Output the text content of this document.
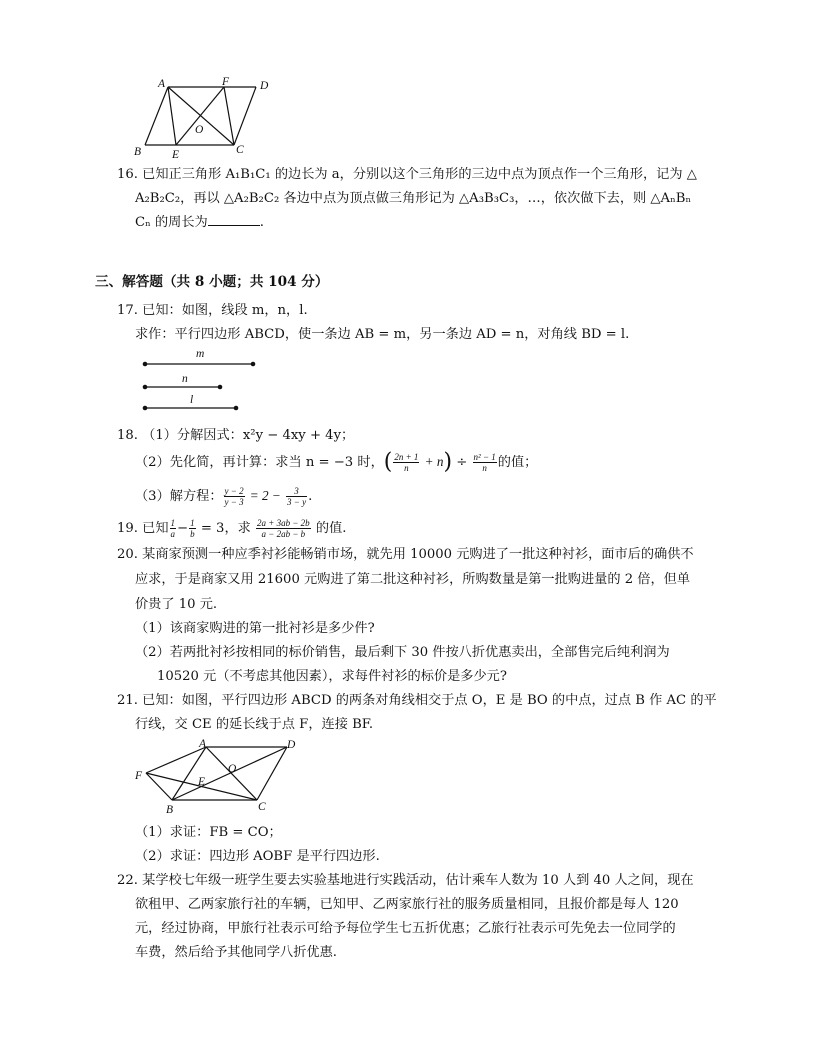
A	F	D
O
B	E	C
16. 已知正三角形 A₁B₁C₁ 的边长为 a，分别以这个三角形的三边中点为顶点作一个三角形，记为 △
A₂B₂C₂，再以 △A₂B₂C₂ 各边中点为顶点做三角形记为 △A₃B₃C₃，…，依次做下去，则 △AₙBₙ
Cₙ 的周长为	.
三、解答题（共 8 小题；共 104 分）
17. 已知：如图，线段 m，n，l.
求作：平行四边形 ABCD，使一条边 AB = m，另一条边 AD = n，对角线 BD = l.
m
n
l
18. （1）分解因式：x²y − 4xy + 4y；
（2）先化简，再计算：求当 n = −3 时，( $\frac{2n + 1}{n} + n) \div \frac{\text{n² − 1}}{n}$ 的值；
（3）解方程： $\frac{y - 2}{y - 3} = 2 - \frac{3}{3 - y}$ .
19. 已知 $\frac{1}{a} - \frac{1}{b} = 3$，求 $\frac{2a + 3ab - 2b}{a - 2ab - b}$ 的值.
20. 某商家预测一种应季衬衫能畅销市场，就先用 10000 元购进了一批这种衬衫，面市后的确供不
应求，于是商家又用 21600 元购进了第二批这种衬衫，所购数量是第一批购进量的 2 倍，但单
价贵了 10 元.
（1）该商家购进的第一批衬衫是多少件?
（2）若两批衬衫按相同的标价销售，最后剩下 30 件按八折优惠卖出，全部售完后纯利润为
10520 元（不考虑其他因素），求每件衬衫的标价是多少元?
21. 已知：如图，平行四边形 ABCD 的两条对角线相交于点 O，E 是 BO 的中点，过点 B 作 AC 的平
行线，交 CE 的延长线于点 F，连接 BF.
A	D
F
O
E
B	C
（1）求证：FB = CO；
（2）求证：四边形 AOBF 是平行四边形.
22. 某学校七年级一班学生要去实验基地进行实践活动，估计乘车人数为 10 人到 40 人之间，现在
欲租甲、乙两家旅行社的车辆，已知甲、乙两家旅行社的服务质量相同，且报价都是每人 120
元，经过协商，甲旅行社表示可给予每位学生七五折优惠；乙旅行社表示可先免去一位同学的
车费，然后给予其他同学八折优惠.
